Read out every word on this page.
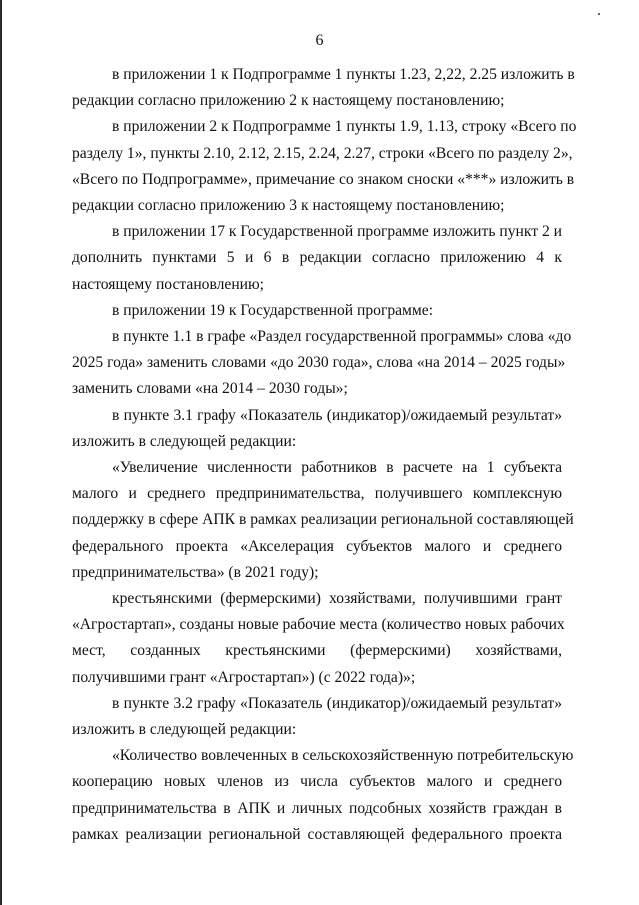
6
в приложении 1 к Подпрограмме 1 пункты 1.23, 2,22, 2.25 изложить в
редакции согласно приложению 2 к настоящему постановлению;
в приложении 2 к Подпрограмме 1 пункты 1.9, 1.13, строку «Всего по
разделу 1», пункты 2.10, 2.12, 2.15, 2.24, 2.27, строки «Всего по разделу 2»,
«Всего по Подпрограмме», примечание со знаком сноски «***» изложить в
редакции согласно приложению 3 к настоящему постановлению;
в приложении 17 к Государственной программе изложить пункт 2 и
дополнить пунктами 5 и 6 в редакции согласно приложению 4 к
настоящему постановлению;
в приложении 19 к Государственной программе:
в пункте 1.1 в графе «Раздел государственной программы» слова «до
2025 года» заменить словами «до 2030 года», слова «на 2014 – 2025 годы»
заменить словами «на 2014 – 2030 годы»;
в пункте 3.1 графу «Показатель (индикатор)/ожидаемый результат»
изложить в следующей редакции:
«Увеличение численности работников в расчете на 1 субъекта
малого и среднего предпринимательства, получившего комплексную
поддержку в сфере АПК в рамках реализации региональной составляющей
федерального проекта «Акселерация субъектов малого и среднего
предпринимательства» (в 2021 году);
крестьянскими (фермерскими) хозяйствами, получившими грант
«Агростартап», созданы новые рабочие места (количество новых рабочих
мест, созданных крестьянскими (фермерскими) хозяйствами,
получившими грант «Агростартап») (с 2022 года)»;
в пункте 3.2 графу «Показатель (индикатор)/ожидаемый результат»
изложить в следующей редакции:
«Количество вовлеченных в сельскохозяйственную потребительскую
кооперацию новых членов из числа субъектов малого и среднего
предпринимательства в АПК и личных подсобных хозяйств граждан в
рамках реализации региональной составляющей федерального проекта
